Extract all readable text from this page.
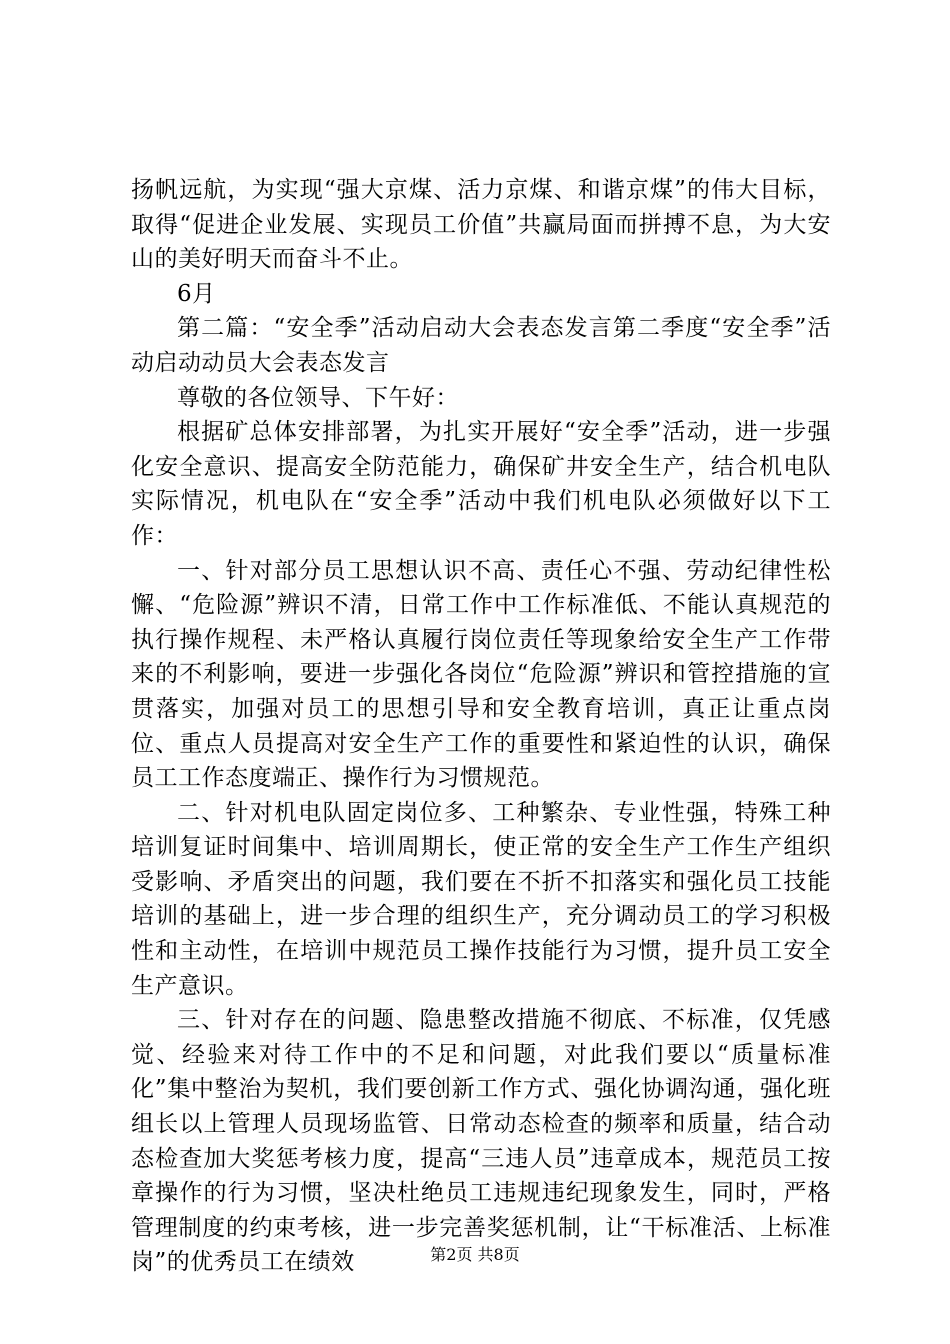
扬帆远航，为实现“强大京煤、活力京煤、和谐京煤”的伟大目标，取得“促进企业发展、实现员工价值”共赢局面而拼搏不息，为大安山的美好明天而奋斗不止。

6月

第二篇：“安全季”活动启动大会表态发言第二季度“安全季”活动启动动员大会表态发言

尊敬的各位领导、下午好：

根据矿总体安排部署，为扎实开展好“安全季”活动，进一步强化安全意识、提高安全防范能力，确保矿井安全生产，结合机电队实际情况，机电队在“安全季”活动中我们机电队必须做好以下工作：

一、针对部分员工思想认识不高、责任心不强、劳动纪律性松懈、“危险源”辨识不清，日常工作中工作标准低、不能认真规范的执行操作规程、未严格认真履行岗位责任等现象给安全生产工作带来的不利影响，要进一步强化各岗位“危险源”辨识和管控措施的宣贯落实，加强对员工的思想引导和安全教育培训，真正让重点岗位、重点人员提高对安全生产工作的重要性和紧迫性的认识，确保员工工作态度端正、操作行为习惯规范。

二、针对机电队固定岗位多、工种繁杂、专业性强，特殊工种培训复证时间集中、培训周期长，使正常的安全生产工作生产组织受影响、矛盾突出的问题，我们要在不折不扣落实和强化员工技能培训的基础上，进一步合理的组织生产，充分调动员工的学习积极性和主动性，在培训中规范员工操作技能行为习惯，提升员工安全生产意识。

三、针对存在的问题、隐患整改措施不彻底、不标准，仅凭感觉、经验来对待工作中的不足和问题，对此我们要以“质量标准化”集中整治为契机，我们要创新工作方式、强化协调沟通，强化班组长以上管理人员现场监管、日常动态检查的频率和质量，结合动态检查加大奖惩考核力度，提高“三违人员”违章成本，规范员工按章操作的行为习惯，坚决杜绝员工违规违纪现象发生，同时，严格管理制度的约束考核，进一步完善奖惩机制，让“干标准活、上标准岗”的优秀员工在绩效	第2页 共8页
